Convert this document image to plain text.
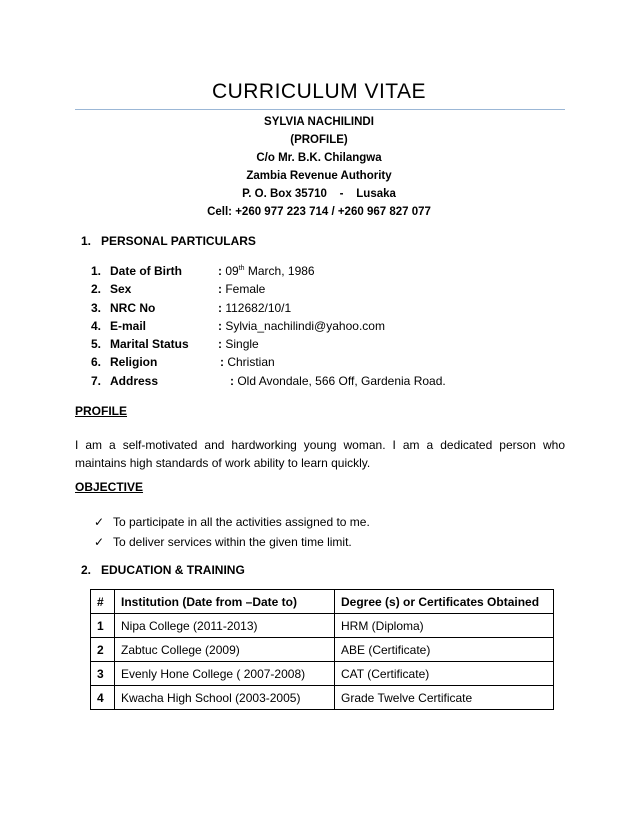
CURRICULUM VITAE
SYLVIA NACHILINDI
(PROFILE)
C/o Mr. B.K. Chilangwa
Zambia Revenue Authority
P. O. Box 35710    -    Lusaka
Cell: +260 977 223 714 / +260 967 827 077
1. PERSONAL PARTICULARS
1. Date of Birth	: 09th March, 1986
2. Sex	: Female
3. NRC No	: 112682/10/1
4. E-mail	: Sylvia_nachilindi@yahoo.com
5. Marital Status : Single
6. Religion	: Christian
7. Address	: Old Avondale, 566 Off, Gardenia Road.
PROFILE
I am a self-motivated and hardworking young woman. I am a dedicated person who maintains high standards of work ability to learn quickly.
OBJECTIVE
✓ To participate in all the activities assigned to me.
✓ To deliver services within the given time limit.
2. EDUCATION & TRAINING
#	Institution (Date from –Date to)	Degree (s) or Certificates Obtained
1	Nipa College (2011-2013)	HRM (Diploma)
2	Zabtuc College (2009)	ABE (Certificate)
3	Evenly Hone College ( 2007-2008)	CAT (Certificate)
4	Kwacha High School (2003-2005)	Grade Twelve Certificate
